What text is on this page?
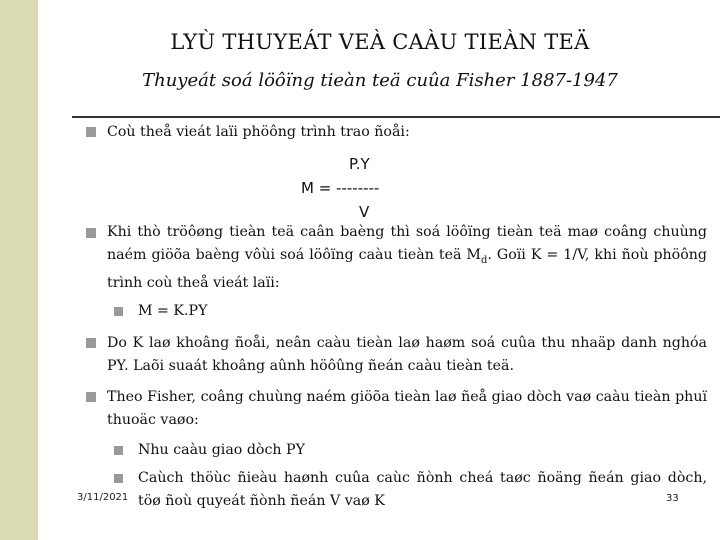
LYÙ THUYEÁT VEÀ CAÀU TIEÀN TEÄ
Thuyeát soá löôïng tieàn teä cuûa Fisher 1887-1947
Coù theå vieát laïi phöông trình trao ñoåi:
P.Y
M = --------
V
Khi thò tröôøng tieàn teä caân baèng thì soá löôïng tieàn teä maø coâng chuùng naém giöõa baèng vôùi soá löôïng caàu tieàn teä $M_d$. Goïi K = 1/V, khi ñoù phöông trình coù theå vieát laïi:
M = K.PY
Do K laø khoâng ñoåi, neân caàu tieàn laø haøm soá cuûa thu nhaäp danh nghóa PY. Laõi suaát khoâng aûnh höôûng ñeán caàu tieàn teä.
Theo Fisher, coâng chuùng naém giöõa tieàn laø ñeå giao dòch vaø caàu tieàn phuï thuoäc vaøo:
Nhu caàu giao dòch PY
Caùch thöùc ñieàu haønh cuûa caùc ñònh cheá taøc ñoäng ñeán giao dòch, töø ñoù quyeát ñònh ñeán V vaø K
3/11/2021	33
